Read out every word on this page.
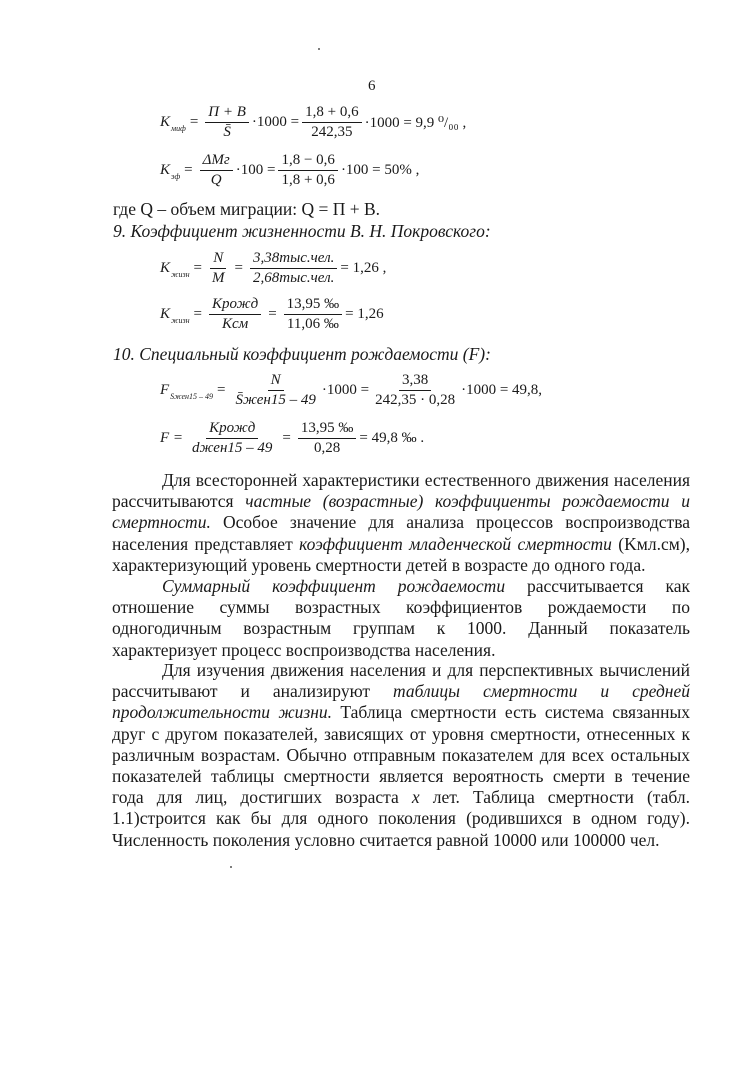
6
$K_{миф} = \frac{П + В}{S̄} \cdot 1000 = \frac{1,8 + 0,6}{242,35} \cdot 1000 = 9,9$ ⁰/₀₀ ,
$K_{эф} = \frac{\text{ΔMг}}{Q} \cdot 100 = \frac{1,8 - 0,6}{1,8 + 0,6} \cdot 100 = 50\%$ ,
где Q – объем миграции: Q = П + В.
9. Коэффициент жизненности В. Н. Покровского:
$K_{жизн} = \frac{N}{M} = \frac{\text{3,38тыс.чел.}}{\text{2,68тыс.чел.}} = 1,26$ ,
$K_{жизн} = \frac{\text{Kрожд}}{\text{Kсм}} = \frac{13,95 ‰}{11,06 ‰} = 1,26$
10. Специальный коэффициент рождаемости (F):
$F_{Sжен15 - 49} = \frac{N}{\text{S̄жен15 – 49}} \cdot 1000 = \frac{3,38}{242,35 \cdot 0,28} \cdot 1000 = 49,8$,
$F = \frac{\text{Kрожд}}{\text{dжен15 – 49}} = \frac{13,95 ‰}{0,28} = 49,8$ ‰ .
Для всесторонней характеристики естественного движения населения рассчитываются частные (возрастные) коэффициенты рождаемости и смертности. Особое значение для анализа процессов воспроизводства населения представляет коэффициент младенческой смертности (Kмл.см), характеризующий уровень смертности детей в возрасте до одного года.
Суммарный коэффициент рождаемости рассчитывается как отношение суммы возрастных коэффициентов рождаемости по одногодичным возрастным группам к 1000. Данный показатель характеризует процесс воспроизводства населения.
Для изучения движения населения и для перспективных вычислений рассчитывают и анализируют таблицы смертности и средней продолжительности жизни. Таблица смертности есть система связанных друг с другом показателей, зависящих от уровня смертности, отнесенных к различным возрастам. Обычно отправным показателем для всех остальных показателей таблицы смертности является вероятность смерти в течение года для лиц, достигших возраста x лет. Таблица смертности (табл. 1.1)строится как бы для одного поколения (родившихся в одном году). Численность поколения условно считается равной 10000 или 100000 чел.
